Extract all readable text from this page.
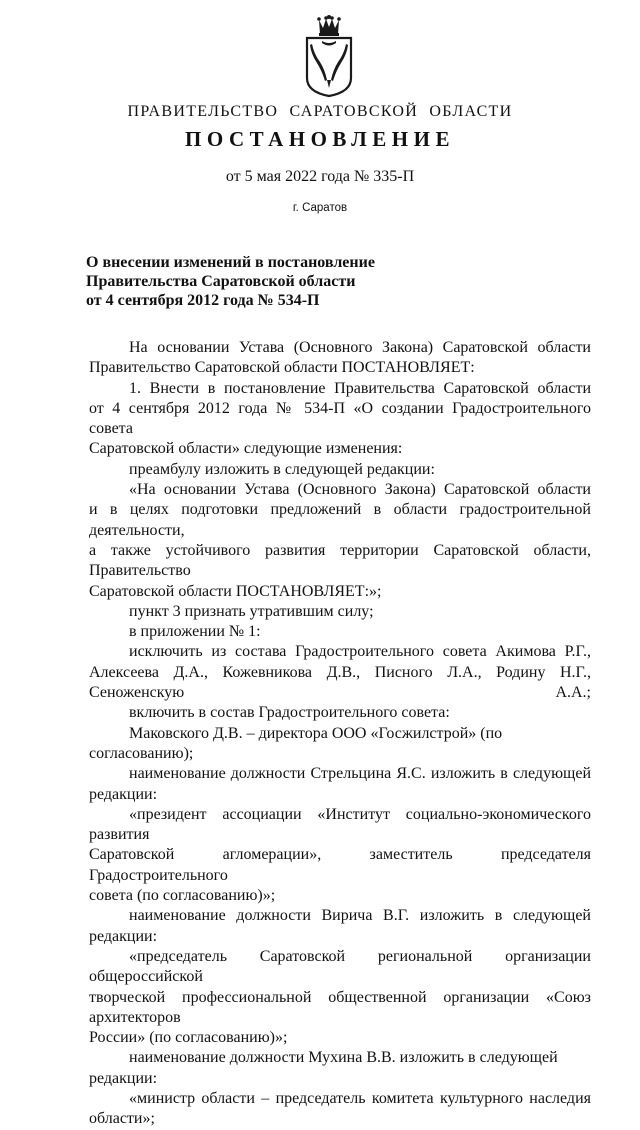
ПРАВИТЕЛЬСТВО САРАТОВСКОЙ ОБЛАСТИ
ПОСТАНОВЛЕНИЕ
от 5 мая 2022 года № 335-П
г. Саратов
О внесении изменений в постановление
Правительства Саратовской области
от 4 сентября 2012 года № 534-П

На основании Устава (Основного Закона) Саратовской области

Правительство Саратовской области ПОСТАНОВЛЯЕТ:

1. Внести в постановление Правительства Саратовской области

от 4 сентября 2012 года № 534-П «О создании Градостроительного совета

Саратовской области» следующие изменения:

преамбулу изложить в следующей редакции:

«На основании Устава (Основного Закона) Саратовской области

и в целях подготовки предложений в области градостроительной деятельности,

а также устойчивого развития территории Саратовской области, Правительство

Саратовской области ПОСТАНОВЛЯЕТ:»;

пункт 3 признать утратившим силу;

в приложении № 1:

исключить из состава Градостроительного совета Акимова Р.Г.,

Алексеева Д.А., Кожевникова Д.В., Писного Л.А., Родину Н.Г., Сеноженскую А.А.;

включить в состав Градостроительного совета:

Маковского Д.В. – директора ООО «Госжилстрой» (по согласованию);

наименование должности Стрельцина Я.С. изложить в следующей

редакции:

«президент ассоциации «Институт социально-экономического развития

Саратовской агломерации», заместитель председателя Градостроительного

совета (по согласованию)»;

наименование должности Вирича В.Г. изложить в следующей

редакции:

«председатель Саратовской региональной организации общероссийской

творческой профессиональной общественной организации «Союз архитекторов

России» (по согласованию)»;

наименование должности Мухина В.В. изложить в следующей редакции:

«министр области – председатель комитета культурного наследия

области»;
